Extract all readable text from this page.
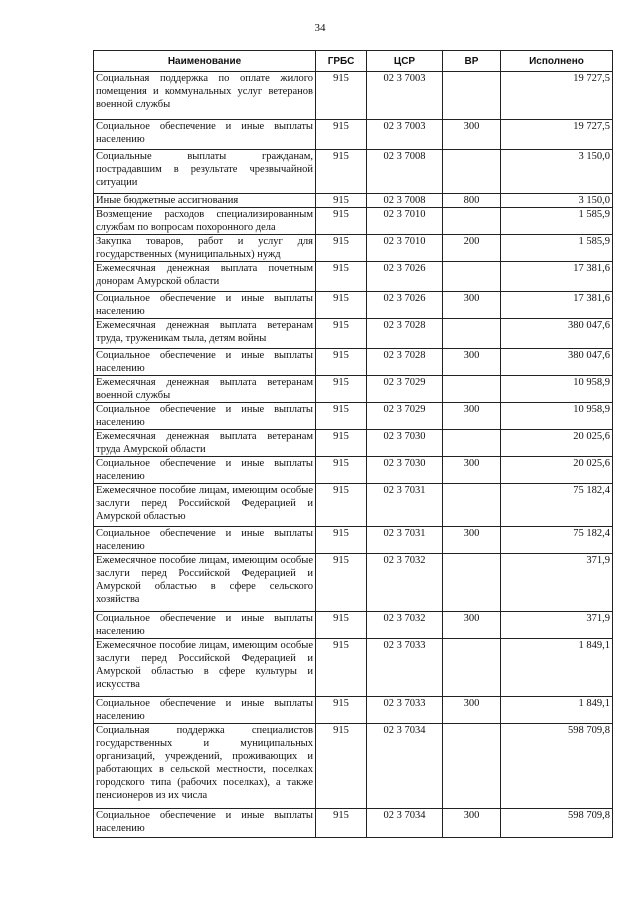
34
Наименование	ГРБС	ЦСР	ВР	Исполнено
Социальная поддержка по оплате жилого помещения и коммунальных услуг ветеранов военной службы	915	02 3 7003		19 727,5
Социальное обеспечение и иные выплаты населению	915	02 3 7003	300	19 727,5
Социальные выплаты гражданам, пострадавшим в результате чрезвычайной ситуации	915	02 3 7008		3 150,0
Иные бюджетные ассигнования	915	02 3 7008	800	3 150,0
Возмещение расходов специализированным службам по вопросам похоронного дела	915	02 3 7010		1 585,9
Закупка товаров, работ и услуг для государственных (муниципальных) нужд	915	02 3 7010	200	1 585,9
Ежемесячная денежная выплата почетным донорам Амурской области	915	02 3 7026		17 381,6
Социальное обеспечение и иные выплаты населению	915	02 3 7026	300	17 381,6
Ежемесячная денежная выплата ветеранам труда, труженикам тыла, детям войны	915	02 3 7028		380 047,6
Социальное обеспечение и иные выплаты населению	915	02 3 7028	300	380 047,6
Ежемесячная денежная выплата ветеранам военной службы	915	02 3 7029		10 958,9
Социальное обеспечение и иные выплаты населению	915	02 3 7029	300	10 958,9
Ежемесячная денежная выплата ветеранам труда Амурской области	915	02 3 7030		20 025,6
Социальное обеспечение и иные выплаты населению	915	02 3 7030	300	20 025,6
Ежемесячное пособие лицам, имеющим особые заслуги перед Российской Федерацией и Амурской областью	915	02 3 7031		75 182,4
Социальное обеспечение и иные выплаты населению	915	02 3 7031	300	75 182,4
Ежемесячное пособие лицам, имеющим особые заслуги перед Российской Федерацией и Амурской областью в сфере сельского хозяйства	915	02 3 7032		371,9
Социальное обеспечение и иные выплаты населению	915	02 3 7032	300	371,9
Ежемесячное пособие лицам, имеющим особые заслуги перед Российской Федерацией и Амурской областью в сфере культуры и искусства	915	02 3 7033		1 849,1
Социальное обеспечение и иные выплаты населению	915	02 3 7033	300	1 849,1
Социальная поддержка специалистов государственных и муниципальных организаций, учреждений, проживающих и работающих в сельской местности, поселках городского типа (рабочих поселках), а также пенсионеров из их числа	915	02 3 7034		598 709,8
Социальное обеспечение и иные выплаты населению	915	02 3 7034	300	598 709,8
